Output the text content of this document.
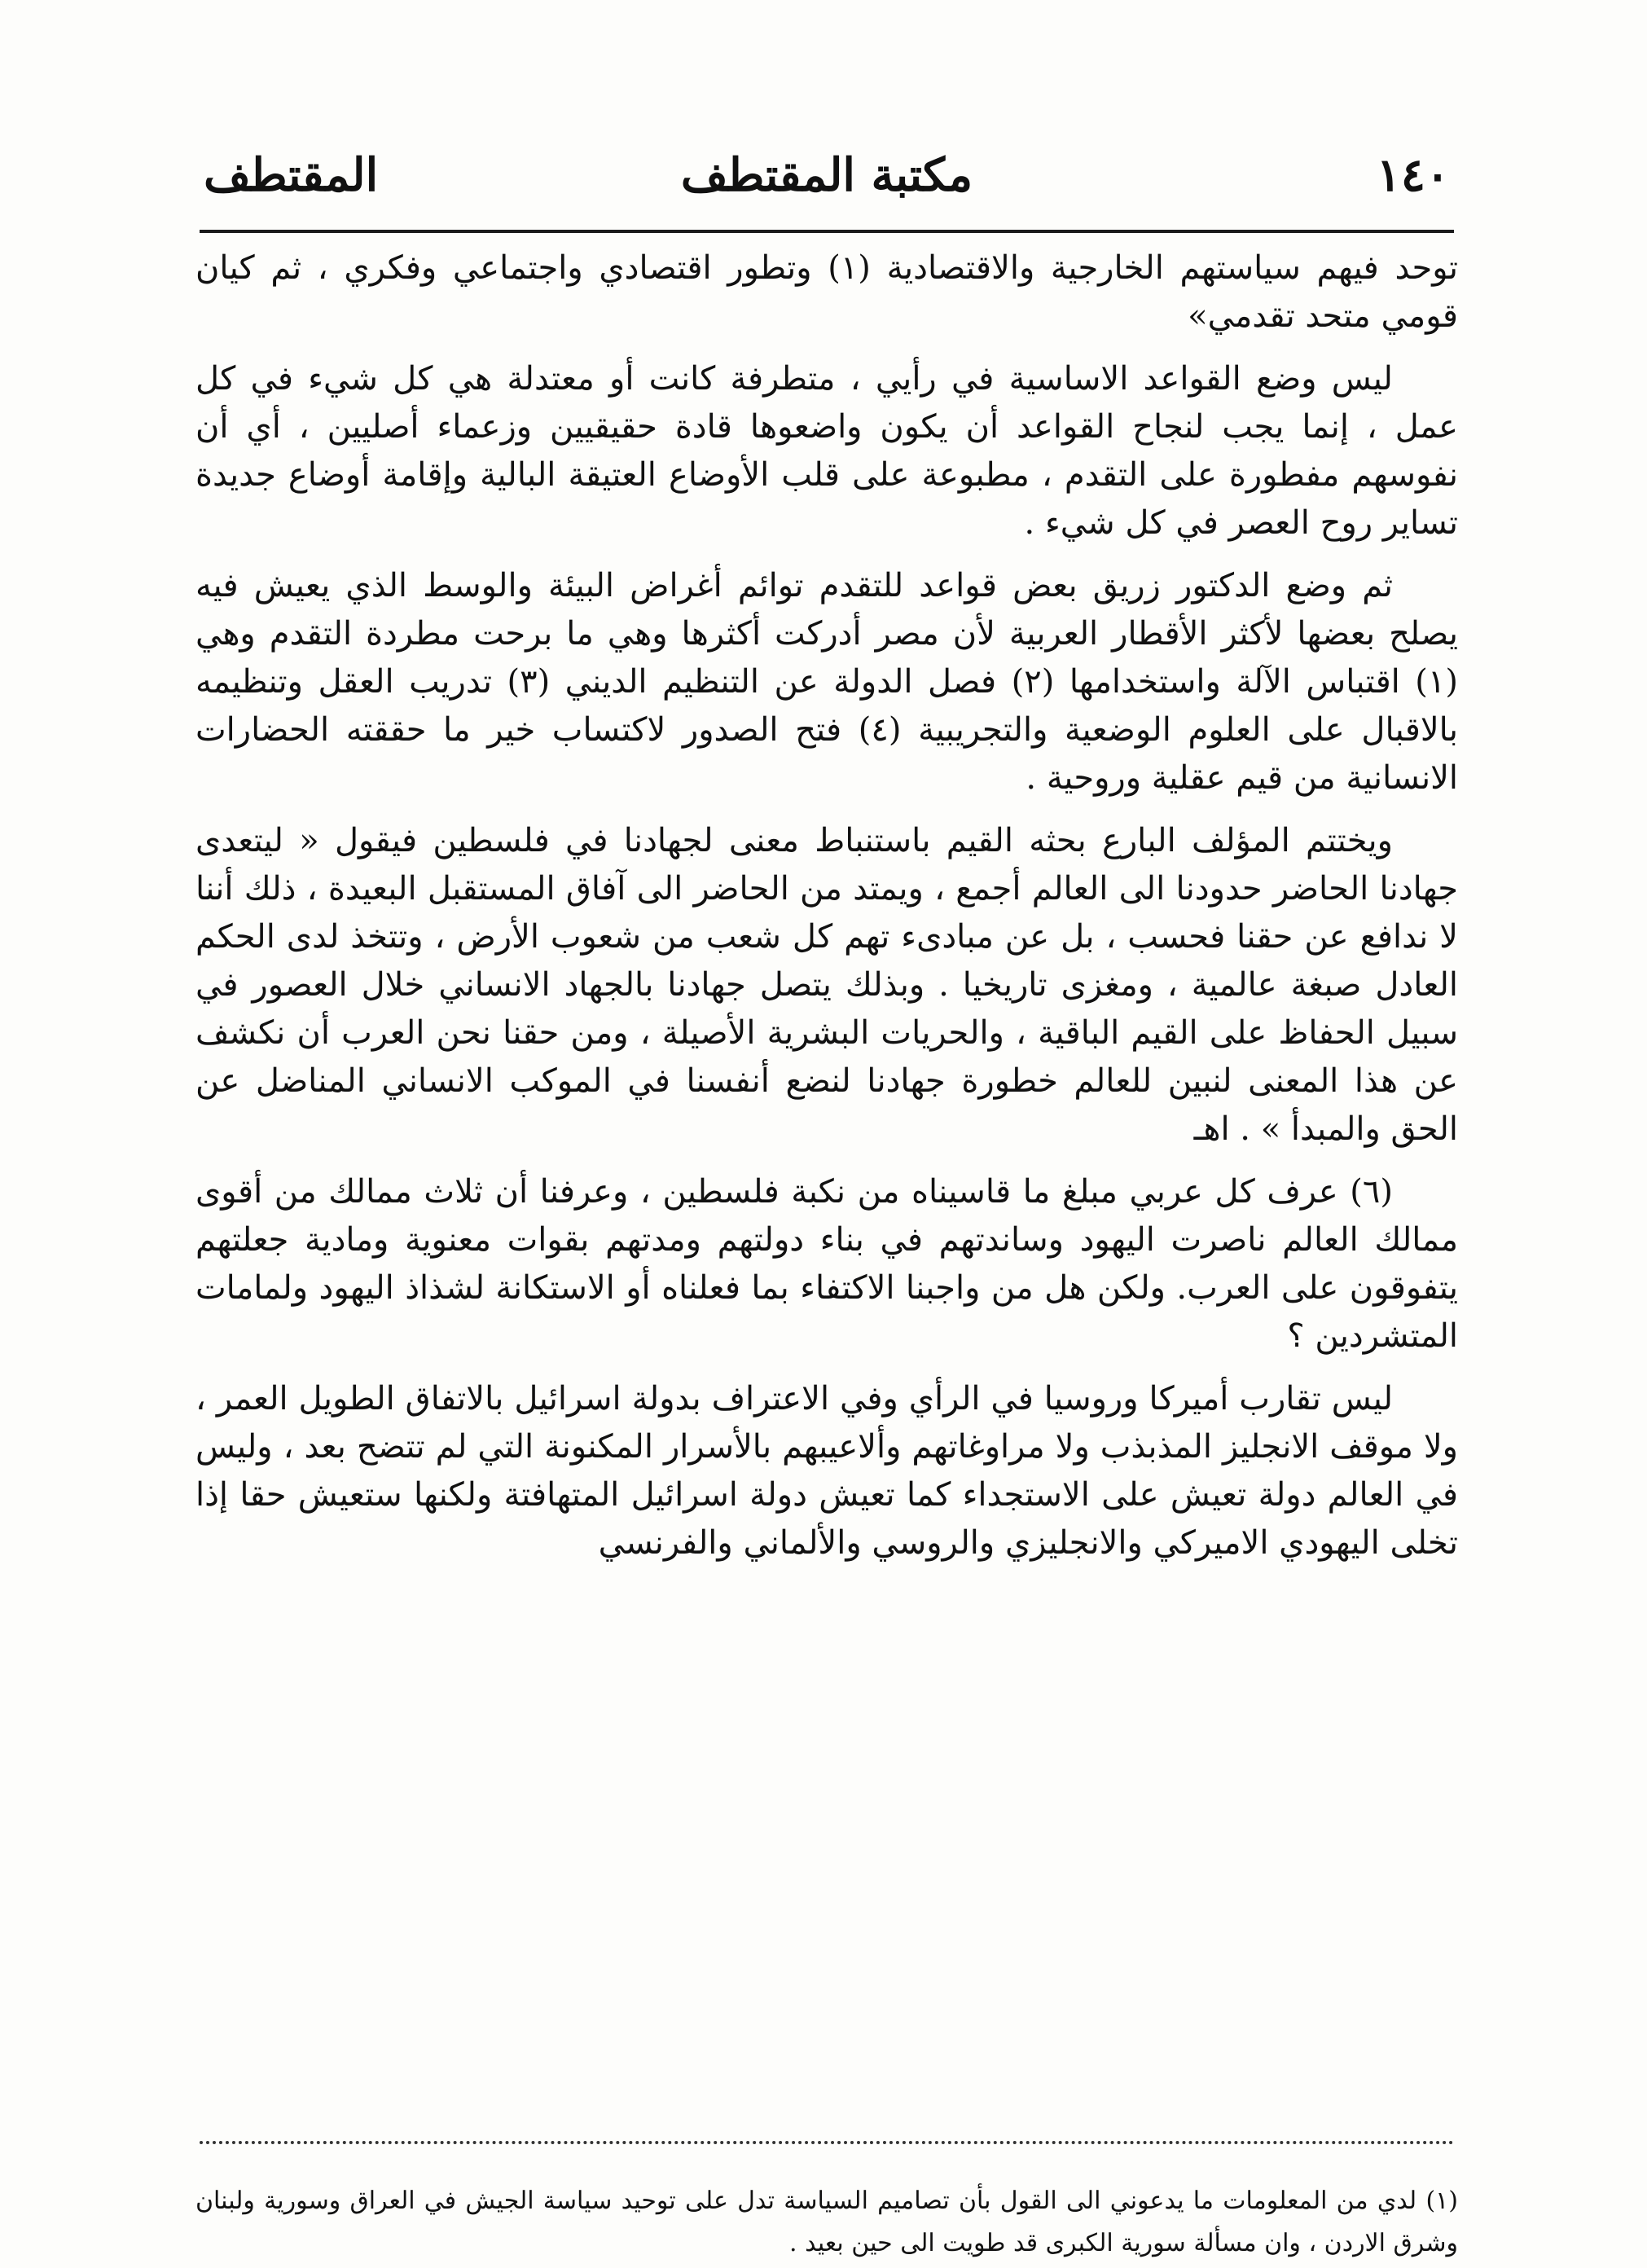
١٤٠
مكتبة المقتطف
المقتطف

توحد فيهم سياستهم الخارجية والاقتصادية (١) وتطور اقتصادي واجتماعي وفكري ، ثم كيان قومي متحد تقدمي»

ليس وضع القواعد الاساسية في رأيي ، متطرفة كانت أو معتدلة هي كل شيء في كل عمل ، إنما يجب لنجاح القواعد أن يكون واضعوها قادة حقيقيين وزعماء أصليين ، أي أن نفوسهم مفطورة على التقدم ، مطبوعة على قلب الأوضاع العتيقة البالية وإقامة أوضاع جديدة تساير روح العصر في كل شيء .

ثم وضع الدكتور زريق بعض قواعد للتقدم توائم أغراض البيئة والوسط الذي يعيش فيه يصلح بعضها لأكثر الأقطار العربية لأن مصر أدركت أكثرها وهي ما برحت مطردة التقدم وهي (١) اقتباس الآلة واستخدامها (٢) فصل الدولة عن التنظيم الديني (٣) تدريب العقل وتنظيمه بالاقبال على العلوم الوضعية والتجريبية (٤) فتح الصدور لاكتساب خير ما حققته الحضارات الانسانية من قيم عقلية وروحية .

ويختتم المؤلف البارع بحثه القيم باستنباط معنى لجهادنا في فلسطين فيقول « ليتعدى جهادنا الحاضر حدودنا الى العالم أجمع ، ويمتد من الحاضر الى آفاق المستقبل البعيدة ، ذلك أننا لا ندافع عن حقنا فحسب ، بل عن مبادىء تهم كل شعب من شعوب الأرض ، وتتخذ لدى الحكم العادل صبغة عالمية ، ومغزى تاريخيا . وبذلك يتصل جهادنا بالجهاد الانساني خلال العصور في سبيل الحفاظ على القيم الباقية ، والحريات البشرية الأصيلة ، ومن حقنا نحن العرب أن نكشف عن هذا المعنى لنبين للعالم خطورة جهادنا لنضع أنفسنا في الموكب الانساني المناضل عن الحق والمبدأ » . اهـ

(٦) عرف كل عربي مبلغ ما قاسيناه من نكبة فلسطين ، وعرفنا أن ثلاث ممالك من أقوى ممالك العالم ناصرت اليهود وساندتهم في بناء دولتهم ومدتهم بقوات معنوية ومادية جعلتهم يتفوقون على العرب. ولكن هل من واجبنا الاكتفاء بما فعلناه أو الاستكانة لشذاذ اليهود ولمامات المتشردين ؟

ليس تقارب أميركا وروسيا في الرأي وفي الاعتراف بدولة اسرائيل بالاتفاق الطويل العمر ، ولا موقف الانجليز المذبذب ولا مراوغاتهم وألاعيبهم بالأسرار المكنونة التي لم تتضح بعد ، وليس في العالم دولة تعيش على الاستجداء كما تعيش دولة اسرائيل المتهافتة ولكنها ستعيش حقا إذا تخلى اليهودي الاميركي والانجليزي والروسي والألماني والفرنسي

(١) لدي من المعلومات ما يدعوني الى القول بأن تصاميم السياسة تدل على توحيد سياسة الجيش في العراق وسورية ولبنان وشرق الاردن ، وان مسألة سورية الكبرى قد طويت الى حين بعيد .
